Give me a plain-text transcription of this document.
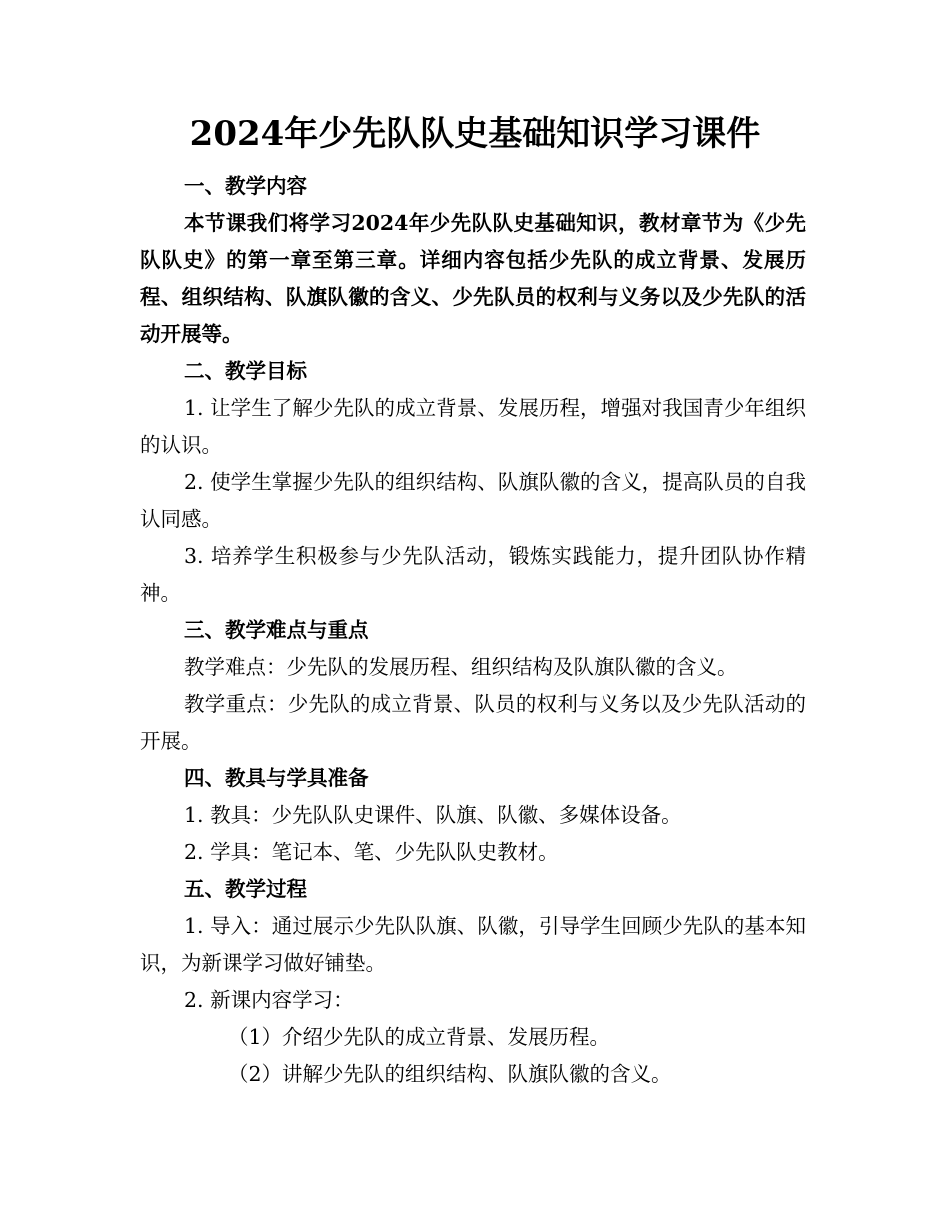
2024年少先队队史基础知识学习课件

一、教学内容

本节课我们将学习2024年少先队队史基础知识，教材章节为《少先队队史》的第一章至第三章。详细内容包括少先队的成立背景、发展历程、组织结构、队旗队徽的含义、少先队员的权利与义务以及少先队的活动开展等。

二、教学目标

1. 让学生了解少先队的成立背景、发展历程，增强对我国青少年组织的认识。

2. 使学生掌握少先队的组织结构、队旗队徽的含义，提高队员的自我认同感。

3. 培养学生积极参与少先队活动，锻炼实践能力，提升团队协作精神。

三、教学难点与重点

教学难点：少先队的发展历程、组织结构及队旗队徽的含义。

教学重点：少先队的成立背景、队员的权利与义务以及少先队活动的开展。

四、教具与学具准备

1. 教具：少先队队史课件、队旗、队徽、多媒体设备。

2. 学具：笔记本、笔、少先队队史教材。

五、教学过程

1. 导入：通过展示少先队队旗、队徽，引导学生回顾少先队的基本知识，为新课学习做好铺垫。

2. 新课内容学习：

（1）介绍少先队的成立背景、发展历程。

（2）讲解少先队的组织结构、队旗队徽的含义。
